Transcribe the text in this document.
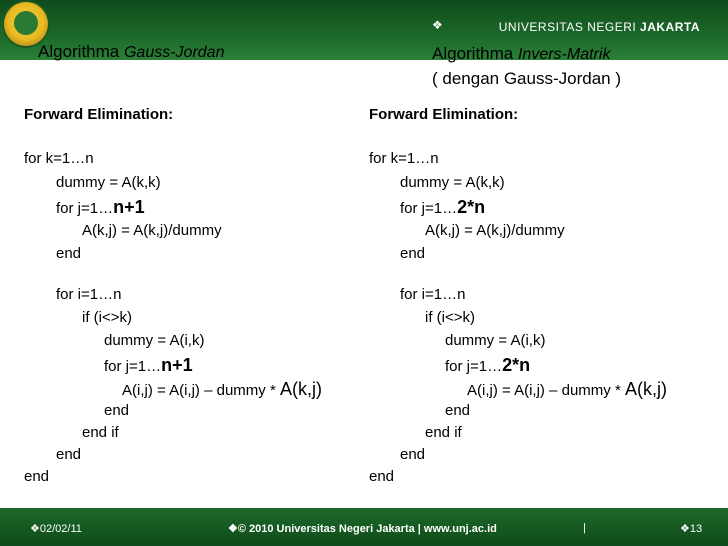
❖	UNIVERSITAS NEGERI JAKARTA
Algorithma Gauss-Jordan	Algorithma Invers-Matrik
( dengan Gauss-Jordan )
Forward Elimination:
for k=1…n
dummy = A(k,k)
for j=1…n+1
A(k,j) = A(k,j)/dummy
end
for i=1…n
if (i<>k)
dummy = A(i,k)
for j=1…n+1
A(i,j) = A(i,j) – dummy * A(k,j)
end
end if
end
end
Forward Elimination:
for k=1…n
dummy = A(k,k)
for j=1…2*n
A(k,j) = A(k,j)/dummy
end
for i=1…n
if (i<>k)
dummy = A(i,k)
for j=1…2*n
A(i,j) = A(i,j) – dummy * A(k,j)
end
end if
end
end
❖02/02/11	❖© 2010 Universitas Negeri Jakarta | www.unj.ac.id	|	❖13
